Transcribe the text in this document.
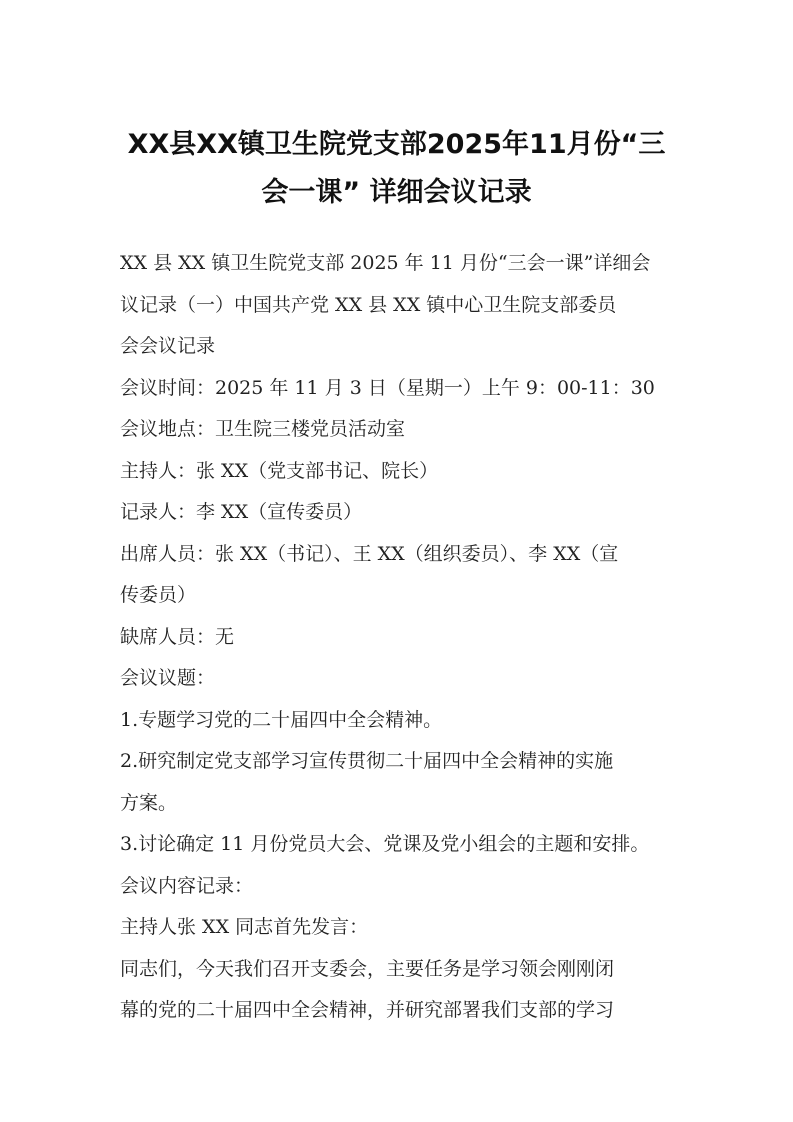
XX县XX镇卫生院党支部2025年11月份“三
会一课” 详细会议记录
XX 县 XX 镇卫生院党支部 2025 年 11 月份“三会一课”详细会
议记录（一）中国共产党 XX 县 XX 镇中心卫生院支部委员
会会议记录
会议时间：2025 年 11 月 3 日（星期一）上午 9：00-11：30
会议地点：卫生院三楼党员活动室
主持人：张 XX（党支部书记、院长）
记录人：李 XX（宣传委员）
出席人员：张 XX（书记）、王 XX（组织委员）、李 XX（宣
传委员）
缺席人员：无
会议议题：
1.专题学习党的二十届四中全会精神。
2.研究制定党支部学习宣传贯彻二十届四中全会精神的实施
方案。
3.讨论确定 11 月份党员大会、党课及党小组会的主题和安排。
会议内容记录：
主持人张 XX 同志首先发言：
同志们，今天我们召开支委会，主要任务是学习领会刚刚闭
幕的党的二十届四中全会精神，并研究部署我们支部的学习
